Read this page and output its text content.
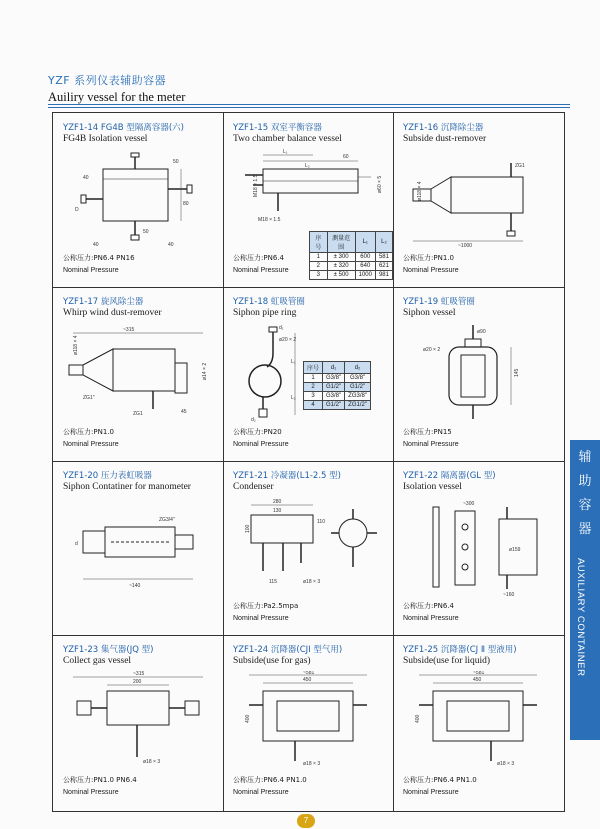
YZF 系列仪表辅助容器
Auiliry vessel for the meter
YZF1-14 FG4B 型隔离容器(六)
FG4B Isolation vessel
50
40
D
50
80
40	40
公称压力:PN6.4 PN16
Nominal Pressure
YZF1-15 双室平衡容器
Two chamber balance vessel
60
L₁
L₂
M18 × 1.5
M18 × 1.5
ø60 × 5
序号	测量范围	L₁	L₂
1	± 300	600	581
2	± 320	640	621
3	± 500	1000	981
公称压力:PN6.4
Nominal Pressure
YZF1-16 沉降除尘器
Subside dust-remover
ø118 × 4
ZG1
~1000
公称压力:PN1.0
Nominal Pressure
YZF1-17 旋风除尘器
Whirp wind dust-remover
~315
ø118 × 4
ZG1"
ZG1	45
ø14 × 2
公称压力:PN1.0
Nominal Pressure
YZF1-18 虹吸管圈
Siphon pipe ring
ø20 × 2
d₁
d₂
L₁
L₂
序号	d₁	d₂
1	G3/8"	G3/8"
2	G1/2"	G1/2"
3	G3/8"	ZG3/8"
4	G1/2"	ZG1/2"
公称压力:PN20
Nominal Pressure
YZF1-19 虹吸管圈
Siphon vessel
ø90
ø20 × 2
145
公称压力:PN15
Nominal Pressure
YZF1-20 压力表虹吸器
Siphon Contatiner for manometer
ZG3/4"
d
~140
YZF1-21 冷凝器(L1-2.5 型)
Condenser
280
130
100
115	ø18 × 3
110
公称压力:Pa2.5mpa
Nominal Pressure
YZF1-22 隔离器(GL 型)
Isolation vessel
~300
ø159
~160
公称压力:PN6.4
Nominal Pressure
YZF1-23 集气器(JQ 型)
Collect gas vessel
~315
200
ø18 × 3
公称压力:PN1.0 PN6.4
Nominal Pressure
YZF1-24 沉降器(CJI 型气用)
Subside(use for gas)
~581
450
400
ø18 × 3
公称压力:PN6.4 PN1.0
Nominal Pressure
YZF1-25 沉降器(CJ Ⅱ 型液用)
Subside(use for liquid)
~581
450
400
ø18 × 3
公称压力:PN6.4 PN1.0
Nominal Pressure
辅
助
容
器
AUXILIARY CONTAINER
7
